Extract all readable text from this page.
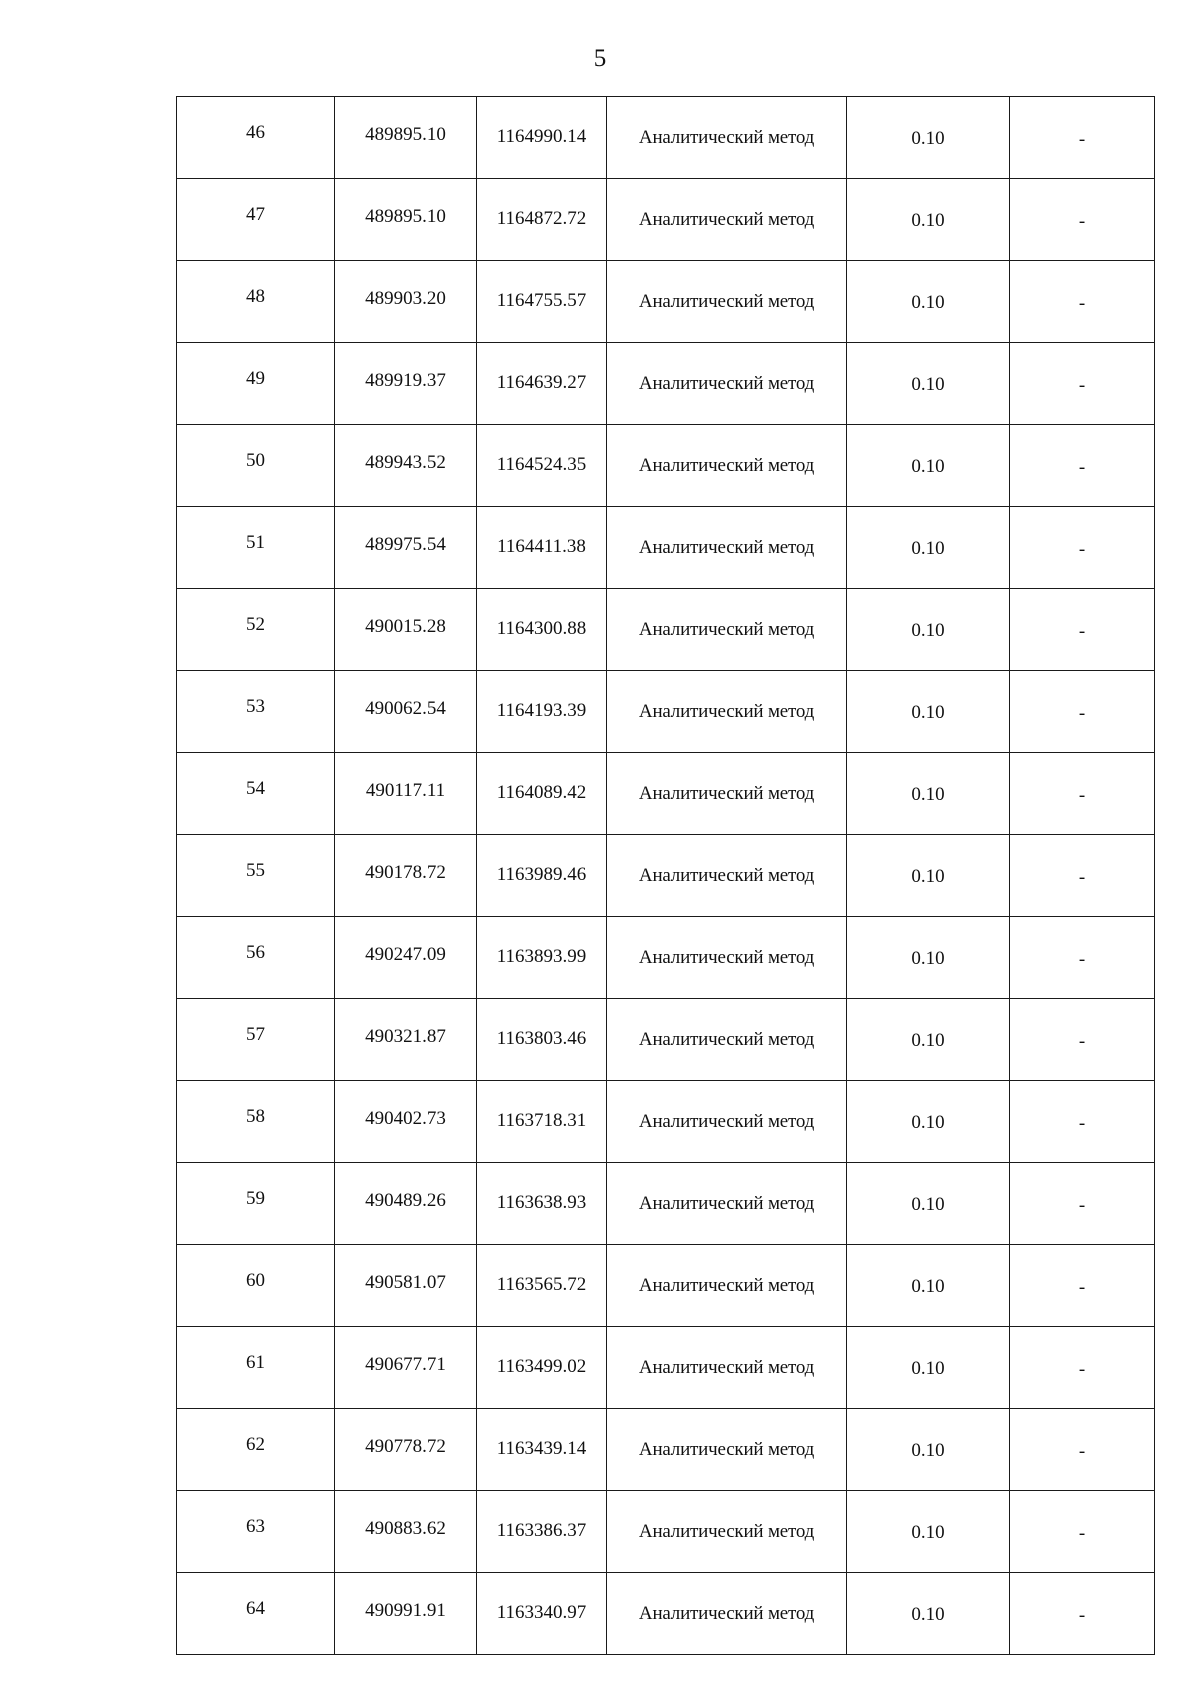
5
46	489895.10	1164990.14	Аналитический метод	0.10	-
47	489895.10	1164872.72	Аналитический метод	0.10	-
48	489903.20	1164755.57	Аналитический метод	0.10	-
49	489919.37	1164639.27	Аналитический метод	0.10	-
50	489943.52	1164524.35	Аналитический метод	0.10	-
51	489975.54	1164411.38	Аналитический метод	0.10	-
52	490015.28	1164300.88	Аналитический метод	0.10	-
53	490062.54	1164193.39	Аналитический метод	0.10	-
54	490117.11	1164089.42	Аналитический метод	0.10	-
55	490178.72	1163989.46	Аналитический метод	0.10	-
56	490247.09	1163893.99	Аналитический метод	0.10	-
57	490321.87	1163803.46	Аналитический метод	0.10	-
58	490402.73	1163718.31	Аналитический метод	0.10	-
59	490489.26	1163638.93	Аналитический метод	0.10	-
60	490581.07	1163565.72	Аналитический метод	0.10	-
61	490677.71	1163499.02	Аналитический метод	0.10	-
62	490778.72	1163439.14	Аналитический метод	0.10	-
63	490883.62	1163386.37	Аналитический метод	0.10	-
64	490991.91	1163340.97	Аналитический метод	0.10	-
